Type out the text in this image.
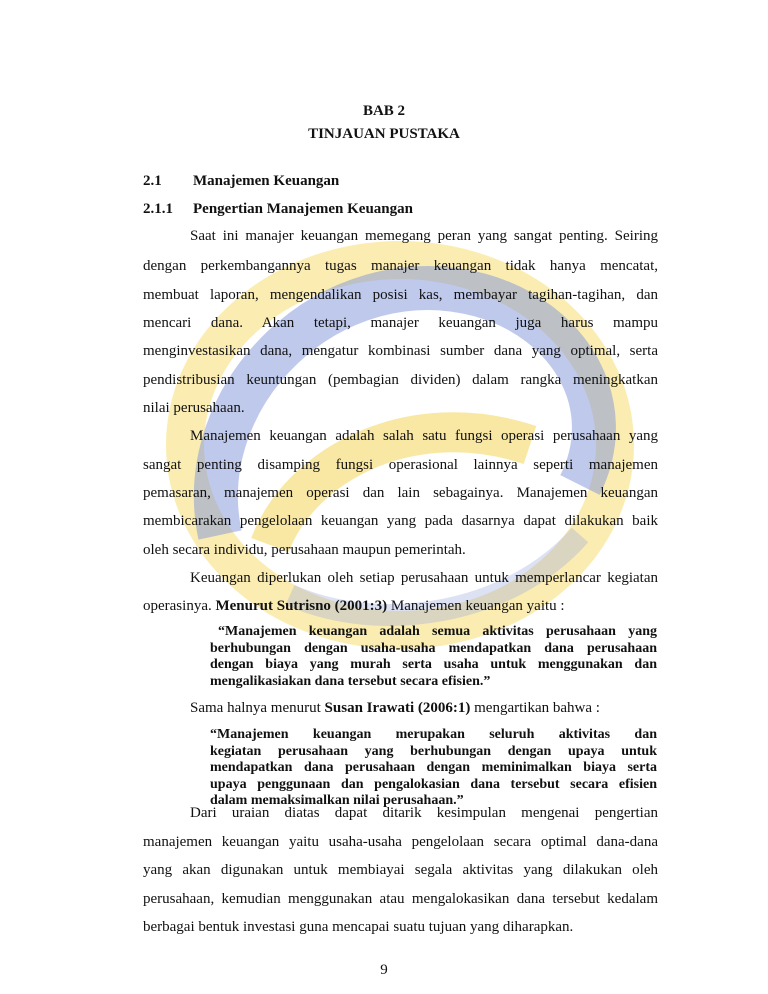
BAB 2
TINJAUAN PUSTAKA
2.1 Manajemen Keuangan
2.1.1 Pengertian Manajemen Keuangan
Saat ini manajer keuangan memegang peran yang sangat penting. Seiring
dengan perkembangannya tugas manajer keuangan tidak hanya mencatat,
membuat laporan, mengendalikan posisi kas, membayar tagihan-tagihan, dan
mencari dana. Akan tetapi, manajer keuangan juga harus mampu
menginvestasikan dana, mengatur kombinasi sumber dana yang optimal, serta
pendistribusian keuntungan (pembagian dividen) dalam rangka meningkatkan
nilai perusahaan.
Manajemen keuangan adalah salah satu fungsi operasi perusahaan yang
sangat penting disamping fungsi operasional lainnya seperti manajemen
pemasaran, manajemen operasi dan lain sebagainya. Manajemen keuangan
membicarakan pengelolaan keuangan yang pada dasarnya dapat dilakukan baik
oleh secara individu, perusahaan maupun pemerintah.
Keuangan diperlukan oleh setiap perusahaan untuk memperlancar kegiatan
operasinya. Menurut Sutrisno (2001:3) Manajemen keuangan yaitu :
“Manajemen keuangan adalah semua aktivitas perusahaan yang
berhubungan dengan usaha-usaha mendapatkan dana perusahaan
dengan biaya yang murah serta usaha untuk menggunakan dan
mengalikasiakan dana tersebut secara efisien.”
Sama halnya menurut Susan Irawati (2006:1) mengartikan bahwa :
“Manajemen keuangan merupakan seluruh aktivitas dan
kegiatan perusahaan yang berhubungan dengan upaya untuk
mendapatkan dana perusahaan dengan meminimalkan biaya serta
upaya penggunaan dan pengalokasian dana tersebut secara efisien
dalam memaksimalkan nilai perusahaan.”
Dari uraian diatas dapat ditarik kesimpulan mengenai pengertian
manajemen keuangan yaitu usaha-usaha pengelolaan secara optimal dana-dana
yang akan digunakan untuk membiayai segala aktivitas yang dilakukan oleh
perusahaan, kemudian menggunakan atau mengalokasikan dana tersebut kedalam
berbagai bentuk investasi guna mencapai suatu tujuan yang diharapkan.
9
